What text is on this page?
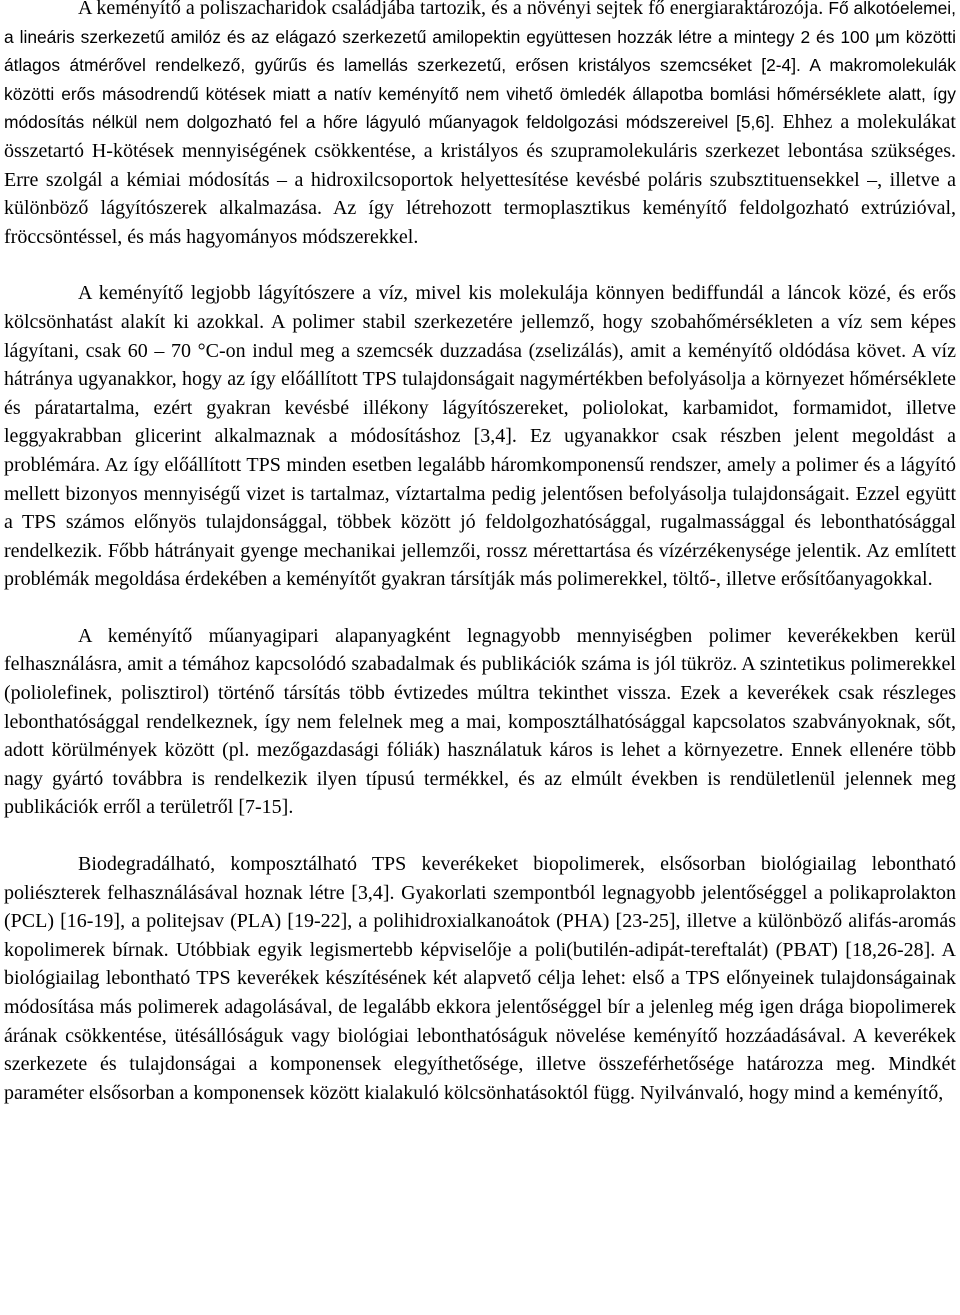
A keményítő a poliszacharidok családjába tartozik, és a növényi sejtek fő energiaraktározója. Fő alkotóelemei, a lineáris szerkezetű amilóz és az elágazó szerkezetű amilopektin együttesen hozzák létre a mintegy 2 és 100 µm közötti átlagos átmérővel rendelkező, gyűrűs és lamellás szerkezetű, erősen kristályos szemcséket [2-4]. A makromolekulák közötti erős másodrendű kötések miatt a natív keményítő nem vihető ömledék állapotba bomlási hőmérséklete alatt, így módosítás nélkül nem dolgozható fel a hőre lágyuló műanyagok feldolgozási módszereivel [5,6]. Ehhez a molekulákat összetartó H-kötések mennyiségének csökkentése, a kristályos és szupramolekuláris szerkezet lebontása szükséges. Erre szolgál a kémiai módosítás – a hidroxilcsoportok helyettesítése kevésbé poláris szubsztituensekkel –, illetve a különböző lágyítószerek alkalmazása. Az így létrehozott termoplasztikus keményítő feldolgozható extrúzióval, fröccsöntéssel, és más hagyományos módszerekkel.

A keményítő legjobb lágyítószere a víz, mivel kis molekulája könnyen bediffundál a láncok közé, és erős kölcsönhatást alakít ki azokkal. A polimer stabil szerkezetére jellemző, hogy szobahőmérsékleten a víz sem képes lágyítani, csak 60 – 70 °C-on indul meg a szemcsék duzzadása (zselizálás), amit a keményítő oldódása követ. A víz hátránya ugyanakkor, hogy az így előállított TPS tulajdonságait nagymértékben befolyásolja a környezet hőmérséklete és páratartalma, ezért gyakran kevésbé illékony lágyítószereket, poliolokat, karbamidot, formamidot, illetve leggyakrabban glicerint alkalmaznak a módosításhoz [3,4]. Ez ugyanakkor csak részben jelent megoldást a problémára. Az így előállított TPS minden esetben legalább háromkomponensű rendszer, amely a polimer és a lágyító mellett bizonyos mennyiségű vizet is tartalmaz, víztartalma pedig jelentősen befolyásolja tulajdonságait. Ezzel együtt a TPS számos előnyös tulajdonsággal, többek között jó feldolgozhatósággal, rugalmassággal és lebonthatósággal rendelkezik. Főbb hátrányait gyenge mechanikai jellemzői, rossz mérettartása és vízérzékenysége jelentik. Az említett problémák megoldása érdekében a keményítőt gyakran társítják más polimerekkel, töltő-, illetve erősítőanyagokkal.

A keményítő műanyagipari alapanyagként legnagyobb mennyiségben polimer keverékekben kerül felhasználásra, amit a témához kapcsolódó szabadalmak és publikációk száma is jól tükröz. A szintetikus polimerekkel (poliolefinek, polisztirol) történő társítás több évtizedes múltra tekinthet vissza. Ezek a keverékek csak részleges lebonthatósággal rendelkeznek, így nem felelnek meg a mai, komposztálhatósággal kapcsolatos szabványoknak, sőt, adott körülmények között (pl. mezőgazdasági fóliák) használatuk káros is lehet a környezetre. Ennek ellenére több nagy gyártó továbbra is rendelkezik ilyen típusú termékkel, és az elmúlt években is rendületlenül jelennek meg publikációk erről a területről [7-15].

Biodegradálható, komposztálható TPS keverékeket biopolimerek, elsősorban biológiailag lebontható poliészterek felhasználásával hoznak létre [3,4]. Gyakorlati szempontból legnagyobb jelentőséggel a polikaprolakton (PCL) [16-19], a politejsav (PLA) [19-22], a polihidroxialkanoátok (PHA) [23-25], illetve a különböző alifás-aromás kopolimerek bírnak. Utóbbiak egyik legismertebb képviselője a poli(butilén-adipát-tereftalát) (PBAT) [18,26-28]. A biológiailag lebontható TPS keverékek készítésének két alapvető célja lehet: első a TPS előnyeinek tulajdonságainak módosítása más polimerek adagolásával, de legalább ekkora jelentőséggel bír a jelenleg még igen drága biopolimerek árának csökkentése, ütésállóságuk vagy biológiai lebonthatóságuk növelése keményítő hozzáadásával. A keverékek szerkezete és tulajdonságai a komponensek elegyíthetősége, illetve összeférhetősége határozza meg. Mindkét paraméter elsősorban a komponensek között kialakuló kölcsönhatásoktól függ. Nyilvánvaló, hogy mind a keményítő,
